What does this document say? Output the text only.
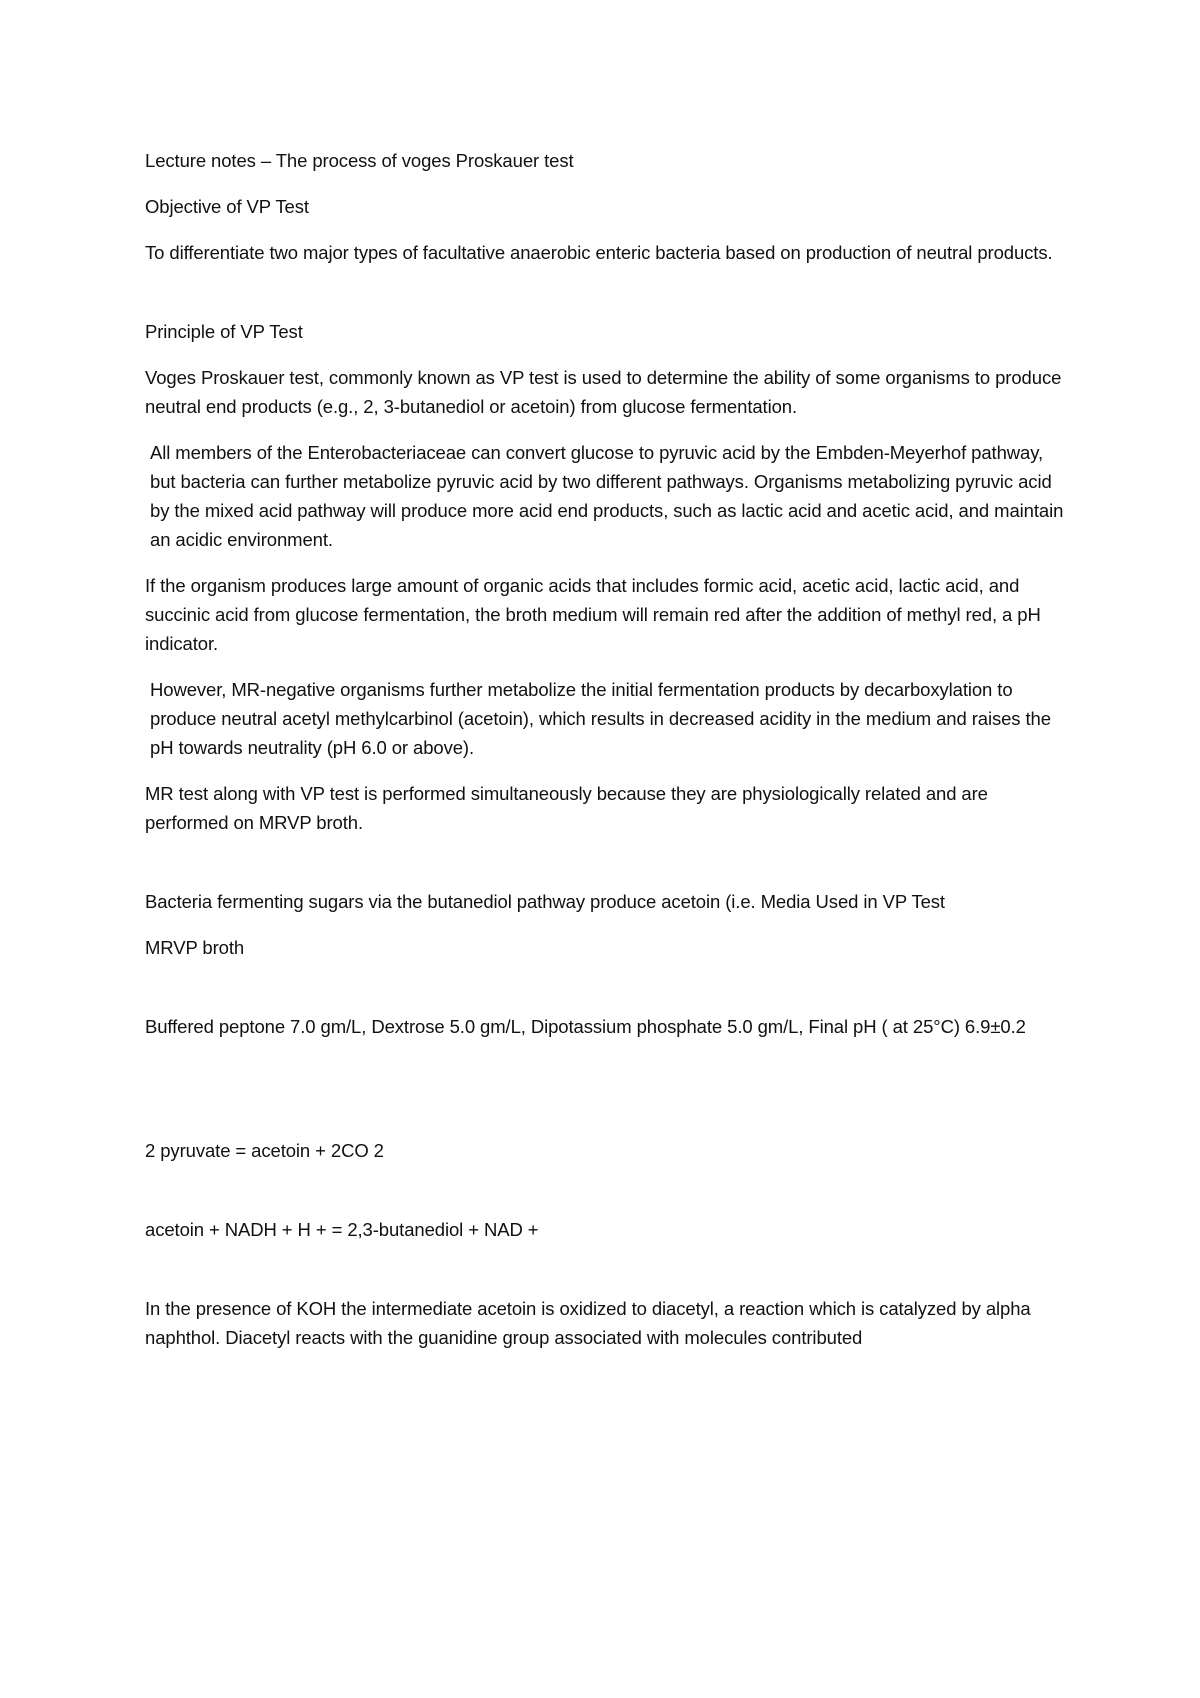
Lecture notes – The process of voges Proskauer test

Objective of VP Test

To differentiate two major types of facultative anaerobic enteric bacteria based on production of neutral products.

Principle of VP Test

Voges Proskauer test, commonly known as VP test is used to determine the ability of some organisms to produce neutral end products (e.g., 2, 3-butanediol or acetoin) from glucose fermentation.

All members of the Enterobacteriaceae can convert glucose to pyruvic acid by the Embden-Meyerhof pathway, but bacteria can further metabolize pyruvic acid by two different pathways. Organisms metabolizing pyruvic acid by the mixed acid pathway will produce more acid end products, such as lactic acid and acetic acid, and maintain an acidic environment.

If the organism produces large amount of organic acids that includes formic acid, acetic acid, lactic acid, and succinic acid from glucose fermentation, the broth medium will remain red after the addition of methyl red, a pH indicator.

However, MR-negative organisms further metabolize the initial fermentation products by decarboxylation to produce neutral acetyl methylcarbinol (acetoin), which results in decreased acidity in the medium and raises the pH towards neutrality (pH 6.0 or above).

MR test along with VP test is performed simultaneously because they are physiologically related and are performed on MRVP broth.

Bacteria fermenting sugars via the butanediol pathway produce acetoin (i.e. Media Used in VP Test

MRVP broth

Buffered peptone 7.0 gm/L, Dextrose 5.0 gm/L, Dipotassium phosphate 5.0 gm/L, Final pH ( at 25°C) 6.9±0.2

2 pyruvate = acetoin + 2CO 2

acetoin + NADH + H + = 2,3-butanediol + NAD +

In the presence of KOH the intermediate acetoin is oxidized to diacetyl, a reaction which is catalyzed by alpha naphthol. Diacetyl reacts with the guanidine group associated with molecules contributed
